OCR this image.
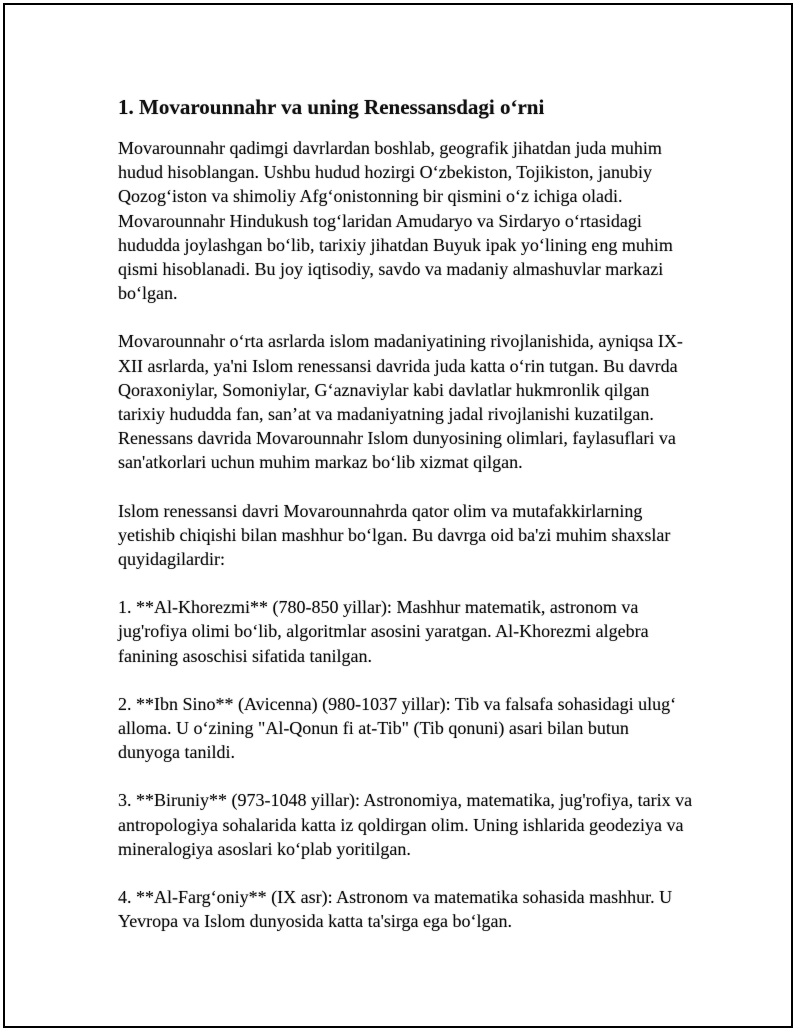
1. Movarounnahr va uning Renessansdagi o‘rni

Movarounnahr qadimgi davrlardan boshlab, geografik jihatdan juda muhim hudud hisoblangan. Ushbu hudud hozirgi O‘zbekiston, Tojikiston, janubiy Qozog‘iston va shimoliy Afg‘onistonning bir qismini o‘z ichiga oladi. Movarounnahr Hindukush tog‘laridan Amudaryo va Sirdaryo o‘rtasidagi hududda joylashgan bo‘lib, tarixiy jihatdan Buyuk ipak yo‘lining eng muhim qismi hisoblanadi. Bu joy iqtisodiy, savdo va madaniy almashuvlar markazi bo‘lgan.

Movarounnahr o‘rta asrlarda islom madaniyatining rivojlanishida, ayniqsa IX-XII asrlarda, ya'ni Islom renessansi davrida juda katta o‘rin tutgan. Bu davrda Qoraxoniylar, Somoniylar, G‘aznaviylar kabi davlatlar hukmronlik qilgan tarixiy hududda fan, san’at va madaniyatning jadal rivojlanishi kuzatilgan. Renessans davrida Movarounnahr Islom dunyosining olimlari, faylasuflari va san'atkorlari uchun muhim markaz bo‘lib xizmat qilgan.

Islom renessansi davri Movarounnahrda qator olim va mutafakkirlarning yetishib chiqishi bilan mashhur bo‘lgan. Bu davrga oid ba'zi muhim shaxslar quyidagilardir:

1. **Al-Khorezmi** (780-850 yillar): Mashhur matematik, astronom va jug'rofiya olimi bo‘lib, algoritmlar asosini yaratgan. Al-Khorezmi algebra fanining asoschisi sifatida tanilgan.

2. **Ibn Sino** (Avicenna) (980-1037 yillar): Tib va falsafa sohasidagi ulug‘ alloma. U o‘zining "Al-Qonun fi at-Tib" (Tib qonuni) asari bilan butun dunyoga tanildi.

3. **Biruniy** (973-1048 yillar): Astronomiya, matematika, jug'rofiya, tarix va antropologiya sohalarida katta iz qoldirgan olim. Uning ishlarida geodeziya va mineralogiya asoslari ko‘plab yoritilgan.

4. **Al-Farg‘oniy** (IX asr): Astronom va matematika sohasida mashhur. U Yevropa va Islom dunyosida katta ta'sirga ega bo‘lgan.
